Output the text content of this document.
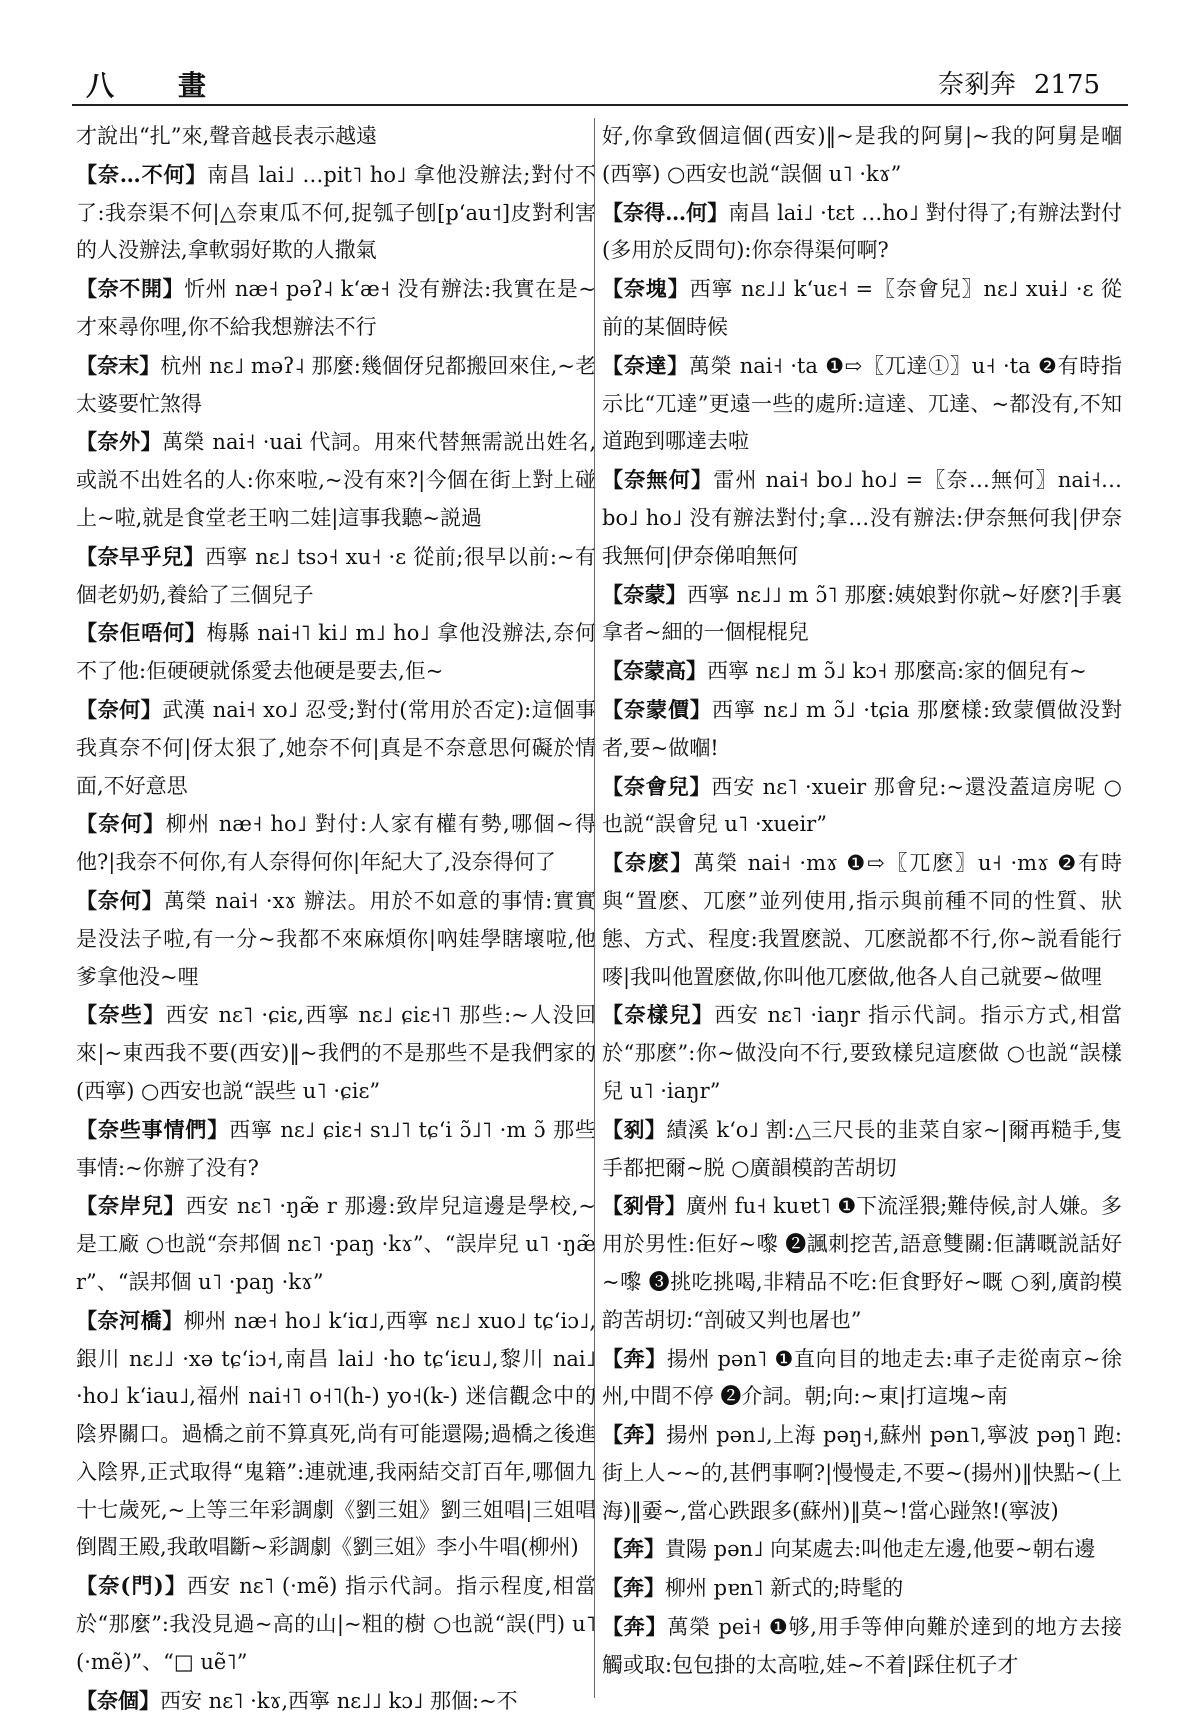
八　畫	奈剢奔 2175

才說出“扎”來,聲音越長表示越遠

【奈…不何】南昌 lai˩ …pit˥ ho˩ 拿他没辦法;對付不了:我奈渠不何|△奈東瓜不何,捉瓠子刨[pʻau˦]皮對利害的人没辦法,拿軟弱好欺的人撒氣

【奈不開】忻州 næ˧ pəʔ˨ kʻæ˧ 没有辦法:我實在是~才來尋你哩,你不給我想辦法不行

【奈末】杭州 nɛ˩ məʔ˨ 那麼:幾個伢兒都搬回來住,~老太婆要忙煞得

【奈外】萬榮 nai˧ ·uai 代詞。用來代替無需説出姓名,或説不出姓名的人:你來啦,~没有來?|今個在街上對上碰上~啦,就是食堂老王吶二娃|這事我聽~説過

【奈早乎兒】西寧 nɛ˩ tsɔ˧ xu˧ ·ɛ 從前;很早以前:~有個老奶奶,養給了三個兒子

【奈佢唔何】梅縣 nai˧˥ ki˩ m˩ ho˩ 拿他没辦法,奈何不了他:佢硬硬就係愛去他硬是要去,佢~

【奈何】武漢 nai˧ xo˩ 忍受;對付(常用於否定):這個事我真奈不何|伢太狠了,她奈不何|真是不奈意思何礙於情面,不好意思

【奈何】柳州 næ˧ ho˩ 對付:人家有權有勢,哪個~得他?|我奈不何你,有人奈得何你|年紀大了,没奈得何了

【奈何】萬榮 nai˧ ·xɤ 辦法。用於不如意的事情:實實是没法子啦,有一分~我都不來麻煩你|吶娃學瞎壞啦,他爹拿他没~哩

【奈些】西安 nɛ˥ ·ɕiɛ,西寧 nɛ˩ ɕiɛ˧˥ 那些:~人没回來|~東西我不要(西安)‖~我們的不是那些不是我們家的(西寧) ○西安也説“誤些 u˥ ·ɕiɛ”

【奈些事情們】西寧 nɛ˩ ɕiɛ˧ sɿ˩˥ tɕʻi ɔ̃˩˥ ·m ɔ̃ 那些事情:~你辦了没有?

【奈岸兒】西安 nɛ˥ ·ŋæ̃ r 那邊:致岸兒這邊是學校,~是工廠 ○也説“奈邦個 nɛ˥ ·paŋ ·kɤ”、“誤岸兒 u˥ ·ŋæ̃ r”、“誤邦個 u˥ ·paŋ ·kɤ”

【奈河橋】柳州 næ˧ ho˩ kʻiɑ˩,西寧 nɛ˩ xuo˩ tɕʻiɔ˩,銀川 nɛ˩˩ ·xə tɕʻiɔ˧,南昌 lai˩ ·ho tɕʻiɛu˩,黎川 nai˩ ·ho˩ kʻiau˩,福州 nai˧˥ o˧˥(h-) yo˧(k-) 迷信觀念中的陰界關口。過橋之前不算真死,尚有可能還陽;過橋之後進入陰界,正式取得“鬼籍”:連就連,我兩結交訂百年,哪個九十七歲死,~上等三年彩調劇《劉三姐》劉三姐唱|三姐唱倒閻王殿,我敢唱斷~彩調劇《劉三姐》李小牛唱(柳州)

【奈(門)】西安 nɛ˥ (·mẽ) 指示代詞。指示程度,相當於“那麼”:我没見過~高的山|~粗的樹 ○也説“誤(門) u˥ (·mẽ)”、“□ uẽ˥”

【奈個】西安 nɛ˥ ·kɤ,西寧 nɛ˩˩ kɔ˩ 那個:~不

好,你拿致個這個(西安)‖~是我的阿舅|~我的阿舅是嗰(西寧) ○西安也説“誤個 u˥ ·kɤ”

【奈得…何】南昌 lai˩ ·tɛt …ho˩ 對付得了;有辦法對付(多用於反問句):你奈得渠何啊?

【奈塊】西寧 nɛ˩˩ kʻuɛ˧ =〖奈會兒〗nɛ˩ xuɨ˩ ·ɛ 從前的某個時候

【奈達】萬榮 nai˧ ·ta ❶⇨〖兀達①〗u˧ ·ta ❷有時指示比“兀達”更遠一些的處所:這達、兀達、~都没有,不知道跑到哪達去啦

【奈無何】雷州 nai˧ bo˩ ho˩ =〖奈…無何〗nai˧… bo˩ ho˩ 没有辦法對付;拿…没有辦法:伊奈無何我|伊奈我無何|伊奈俤咱無何

【奈蒙】西寧 nɛ˩˩ m ɔ̃˥ 那麼:姨娘對你就~好麽?|手裏拿者~細的一個棍棍兒

【奈蒙高】西寧 nɛ˩ m ɔ̃˩ kɔ˧ 那麼高:家的個兒有~

【奈蒙價】西寧 nɛ˩ m ɔ̃˩ ·tɕia 那麼樣:致蒙價做没對者,要~做嗰!

【奈會兒】西安 nɛ˥ ·xueir 那會兒:~還没蓋這房呢 ○也説“誤會兒 u˥ ·xueir”

【奈麽】萬榮 nai˧ ·mɤ ❶⇨〖兀麽〗u˧ ·mɤ ❷有時與“置麽、兀麽”並列使用,指示與前種不同的性質、狀態、方式、程度:我置麽説、兀麽説都不行,你~説看能行嘜|我叫他置麽做,你叫他兀麽做,他各人自己就要~做哩

【奈樣兒】西安 nɛ˥ ·iaŋr 指示代詞。指示方式,相當於“那麽”:你~做没向不行,要致樣兒這麽做 ○也説“誤樣兒 u˥ ·iaŋr”

【剢】績溪 kʻo˩ 割:△三尺長的韭菜自家~|爾再糙手,隻手都把爾~脱 ○廣韻模韵苦胡切

【剢骨】廣州 fu˧ kuɐt˥ ❶下流淫猥;難侍候,討人嫌。多用於男性:佢好~嚟 ❷諷刺挖苦,語意雙關:佢講嘅説話好~嚟 ❸挑吃挑喝,非精品不吃:佢食野好~嘅 ○剢,廣韵模韵苦胡切:“剖破又判也屠也”

【奔】揚州 pən˥ ❶直向目的地走去:車子走從南京~徐州,中間不停 ❷介詞。朝;向:~東|打這塊~南

【奔】揚州 pən˩,上海 pəŋ˧,蘇州 pən˥,寧波 pəŋ˥ 跑:街上人~~的,甚們事啊?|慢慢走,不要~(揚州)‖快點~(上海)‖嫑~,當心跌跟多(蘇州)‖莫~!當心踫煞!(寧波)

【奔】貴陽 pən˩ 向某處去:叫他走左邊,他要~朝右邊

【奔】柳州 pɐn˥ 新式的;時髦的

【奔】萬榮 pei˧ ❶够,用手等伸向難於達到的地方去接觸或取:包包掛的太高啦,娃~不着|踩住杌子才
